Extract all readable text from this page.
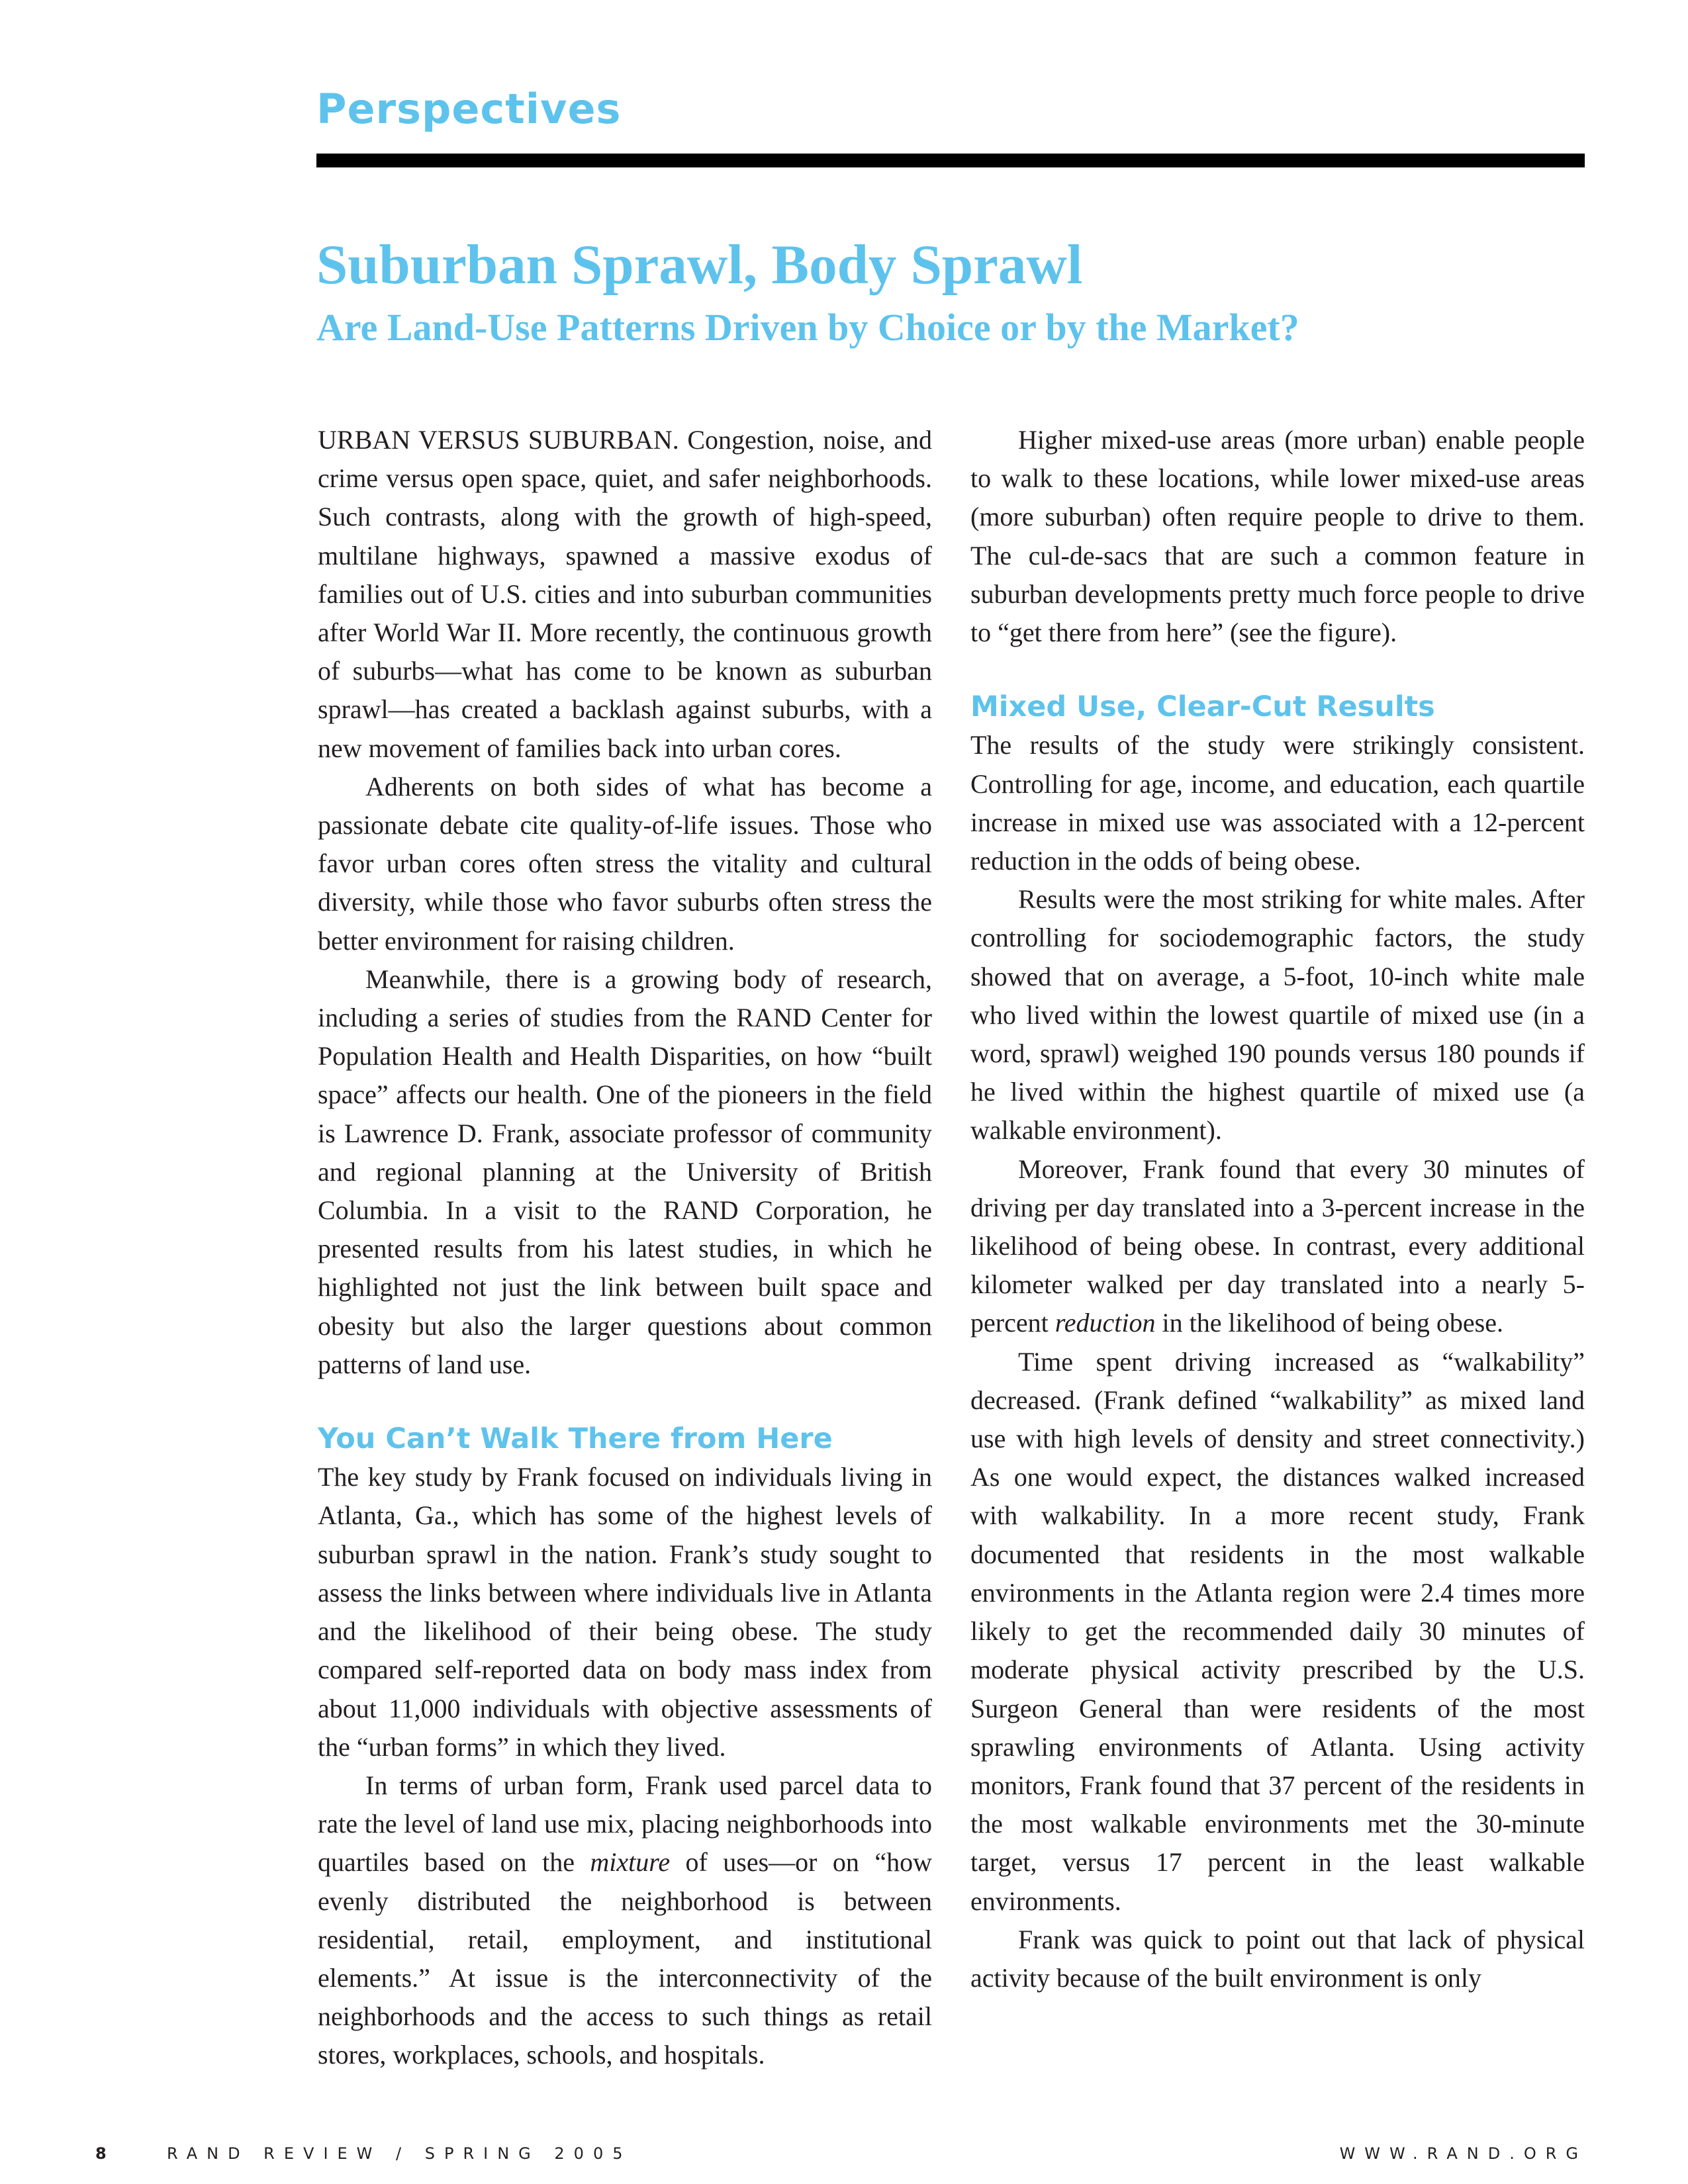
Perspectives
Suburban Sprawl, Body Sprawl
Are Land-Use Patterns Driven by Choice or by the Market?

URBAN VERSUS SUBURBAN. Congestion, noise, and crime versus open space, quiet, and safer neighborhoods. Such contrasts, along with the growth of high-speed, multilane highways, spawned a massive exodus of families out of U.S. cities and into suburban communities after World War II. More recently, the continuous growth of suburbs—what has come to be known as suburban sprawl—has created a backlash against suburbs, with a new movement of families back into urban cores.

Adherents on both sides of what has become a passionate debate cite quality-of-life issues. Those who favor urban cores often stress the vitality and cultural diversity, while those who favor suburbs often stress the better environment for raising children.

Meanwhile, there is a growing body of research, including a series of studies from the RAND Center for Population Health and Health Disparities, on how “built space” affects our health. One of the pioneers in the field is Lawrence D. Frank, associate professor of community and regional planning at the University of British Columbia. In a visit to the RAND Corporation, he presented results from his latest studies, in which he highlighted not just the link between built space and obesity but also the larger questions about common patterns of land use.

You Can’t Walk There from Here

The key study by Frank focused on individuals living in Atlanta, Ga., which has some of the highest levels of suburban sprawl in the nation. Frank’s study sought to assess the links between where individuals live in Atlanta and the likelihood of their being obese. The study compared self-reported data on body mass index from about 11,000 individuals with objective assessments of the “urban forms” in which they lived.

In terms of urban form, Frank used parcel data to rate the level of land use mix, placing neighborhoods into quartiles based on the mixture of uses—or on “how evenly distributed the neighborhood is between residential, retail, employment, and institutional elements.” At issue is the interconnectivity of the neighborhoods and the access to such things as retail stores, workplaces, schools, and hospitals.

8	RAND REVIEW / SPRING 2005	WWW.RAND.ORG

Higher mixed-use areas (more urban) enable people to walk to these locations, while lower mixed-use areas (more suburban) often require people to drive to them. The cul-de-sacs that are such a common feature in suburban developments pretty much force people to drive to “get there from here” (see the figure).

Mixed Use, Clear-Cut Results

The results of the study were strikingly consistent. Controlling for age, income, and education, each quartile increase in mixed use was associated with a 12-percent reduction in the odds of being obese.

Results were the most striking for white males. After controlling for sociodemographic factors, the study showed that on average, a 5-foot, 10-inch white male who lived within the lowest quartile of mixed use (in a word, sprawl) weighed 190 pounds versus 180 pounds if he lived within the highest quartile of mixed use (a walkable environment).

Moreover, Frank found that every 30 minutes of driving per day translated into a 3-percent increase in the likelihood of being obese. In contrast, every additional kilometer walked per day translated into a nearly 5-percent reduction in the likelihood of being obese.

Time spent driving increased as “walkability” decreased. (Frank defined “walkability” as mixed land use with high levels of density and street connectivity.) As one would expect, the distances walked increased with walkability. In a more recent study, Frank documented that residents in the most walkable environments in the Atlanta region were 2.4 times more likely to get the recommended daily 30 minutes of moderate physical activity prescribed by the U.S. Surgeon General than were residents of the most sprawling environments of Atlanta. Using activity monitors, Frank found that 37 percent of the residents in the most walkable environments met the 30-minute target, versus 17 percent in the least walkable environments.

Frank was quick to point out that lack of physical activity because of the built environment is only
